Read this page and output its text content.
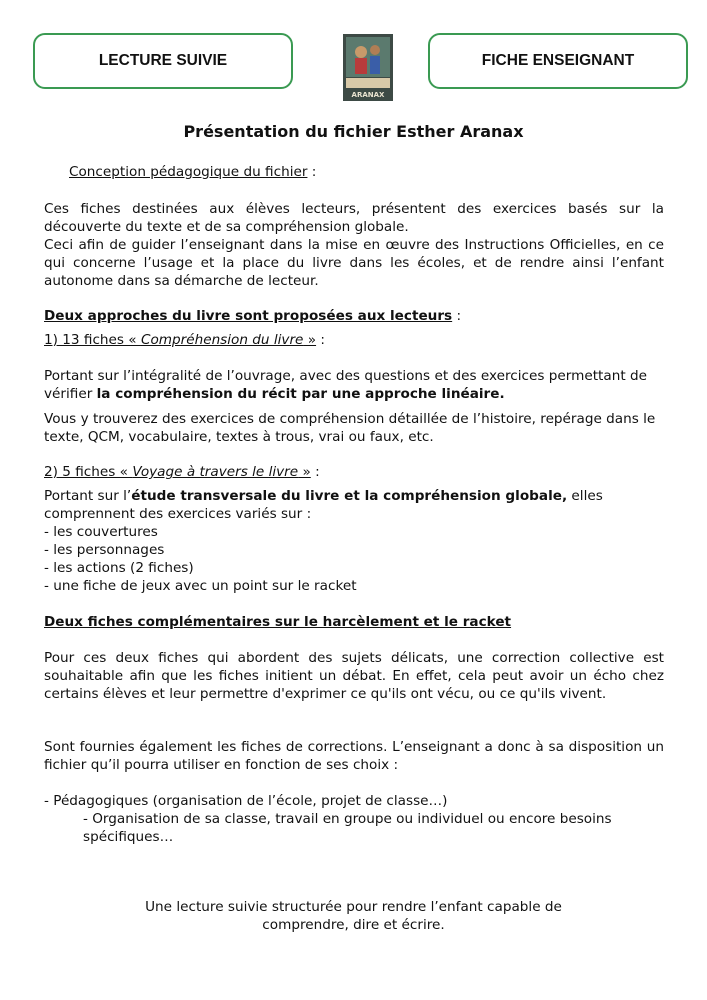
LECTURE SUIVIE
ARANAX
FICHE ENSEIGNANT
Présentation du fichier Esther Aranax
Conception pédagogique du fichier :
Ces fiches destinées aux élèves lecteurs, présentent des exercices basés sur la découverte du texte et de sa compréhension globale.
Ceci afin de guider l’enseignant dans la mise en œuvre des Instructions Officielles, en ce qui concerne l’usage et la place du livre dans les écoles, et de rendre ainsi l’enfant autonome dans sa démarche de lecteur.
Deux approches du livre sont proposées aux lecteurs :
1) 13 fiches « Compréhension du livre » :
Portant sur l’intégralité de l’ouvrage, avec des questions et des exercices permettant de vérifier la compréhension du récit par une approche linéaire.
Vous y trouverez des exercices de compréhension détaillée de l’histoire, repérage dans le texte, QCM, vocabulaire, textes à trous, vrai ou faux, etc.
2) 5 fiches « Voyage à travers le livre » :
Portant sur l’étude transversale du livre et la compréhension globale, elles comprennent des exercices variés sur :
- les couvertures
- les personnages
- les actions (2 fiches)
- une fiche de jeux avec un point sur le racket
Deux fiches complémentaires sur le harcèlement et le racket
Pour ces deux fiches qui abordent des sujets délicats, une correction collective est souhaitable afin que les fiches initient un débat. En effet, cela peut avoir un écho chez certains élèves et leur permettre d'exprimer ce qu'ils ont vécu, ou ce qu'ils vivent.
Sont fournies également les fiches de corrections. L’enseignant a donc à sa disposition un fichier qu’il pourra utiliser en fonction de ses choix :
- Pédagogiques (organisation de l’école, projet de classe…)
- Organisation de sa classe, travail en groupe ou individuel ou encore besoins spécifiques…
Une lecture suivie structurée pour rendre l’enfant capable de
comprendre, dire et écrire.
